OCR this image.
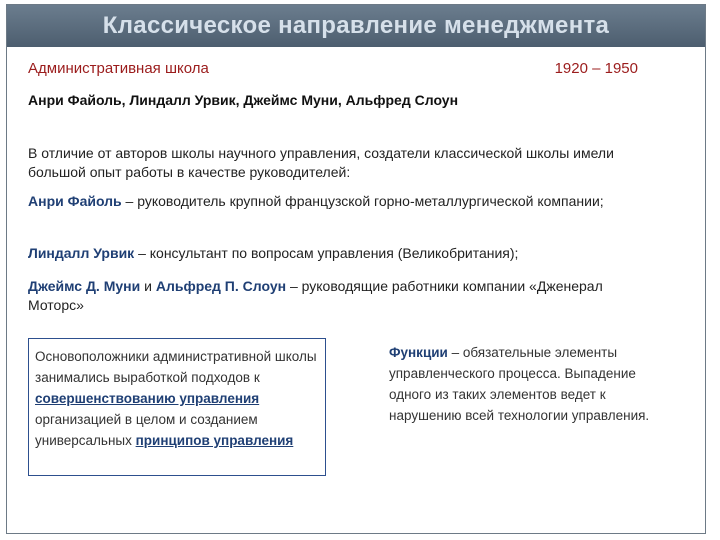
Классическое направление менеджмента
Административная школа	1920 – 1950
Анри Файоль, Линдалл Урвик, Джеймс Муни, Альфред Слоун
В отличие от авторов школы научного управления, создатели классической школы имели большой опыт работы в качестве руководителей:
Анри Файоль – руководитель крупной французской горно-металлургической компании;
Линдалл Урвик – консультант по вопросам управления (Великобритания);
Джеймс Д. Муни и Альфред П. Слоун – руководящие работники компании «Дженерал Моторс»
Основоположники административной школы занимались выработкой подходов к совершенствованию управления организацией в целом и созданием универсальных принципов управления
Функции – обязательные элементы управленческого процесса. Выпадение одного из таких элементов ведет к нарушению всей технологии управления.
